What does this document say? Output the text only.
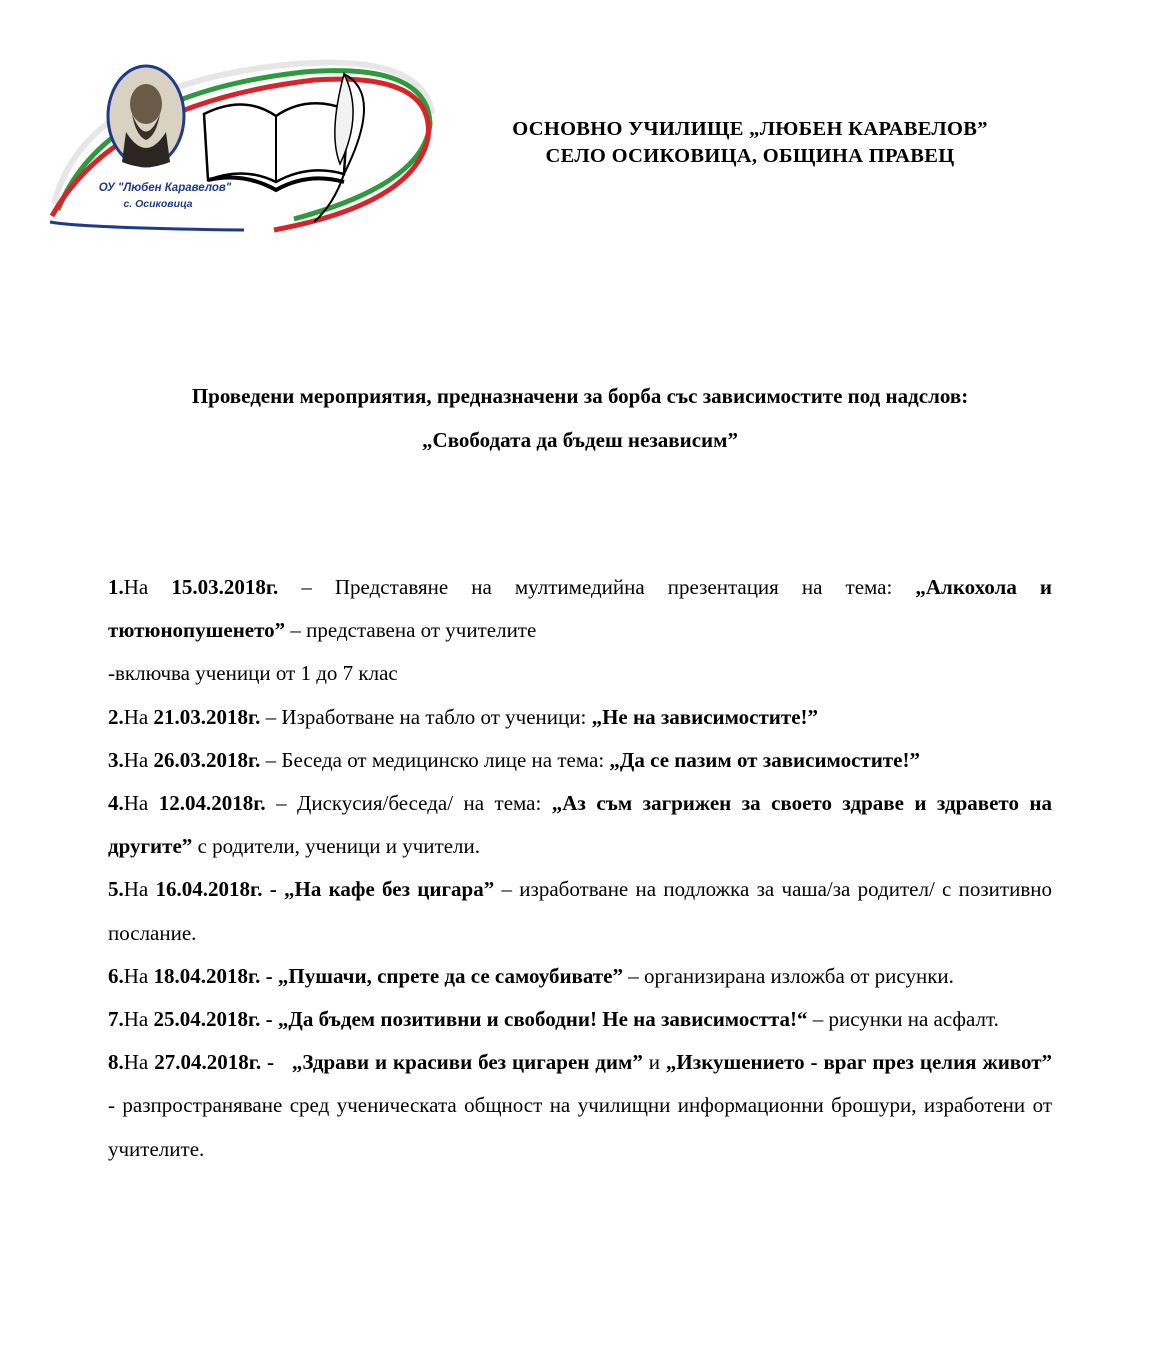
ОУ "Любен Каравелов"
с. Осиковица
ОСНОВНО УЧИЛИЩЕ „ЛЮБЕН КАРАВЕЛОВ”
СЕЛО ОСИКОВИЦА, ОБЩИНА ПРАВЕЦ
Проведени мероприятия, предназначени за борба със зависимостите под надслов:
„Свободата да бъдеш независим”

1.На 15.03.2018г. – Представяне на мултимедийна презентация на тема: „Алкохола и тютюнопушенето” – представена от учителите

-включва ученици от 1 до 7 клас

2.На 21.03.2018г. – Изработване на табло от ученици: „Не на зависимостите!”

3.На 26.03.2018г. – Беседа от медицинско лице на тема: „Да се пазим от зависимостите!”

4.На 12.04.2018г. – Дискусия/беседа/ на тема: „Аз съм загрижен за своето здраве и здравето на другите” с родители, ученици и учители.

5.На 16.04.2018г. - „На кафе без цигара” – изработване на подложка за чаша/за родител/ с позитивно послание.

6.На 18.04.2018г. - „Пушачи, спрете да се самоубивате” – организирана изложба от рисунки.

7.На 25.04.2018г. - „Да бъдем позитивни и свободни! Не на зависимостта!“ – рисунки на асфалт.

8.На 27.04.2018г. - „Здрави и красиви без цигарен дим” и „Изкушението - враг през целия живот” - разпространяване сред ученическата общност на училищни информационни брошури, изработени от учителите.
